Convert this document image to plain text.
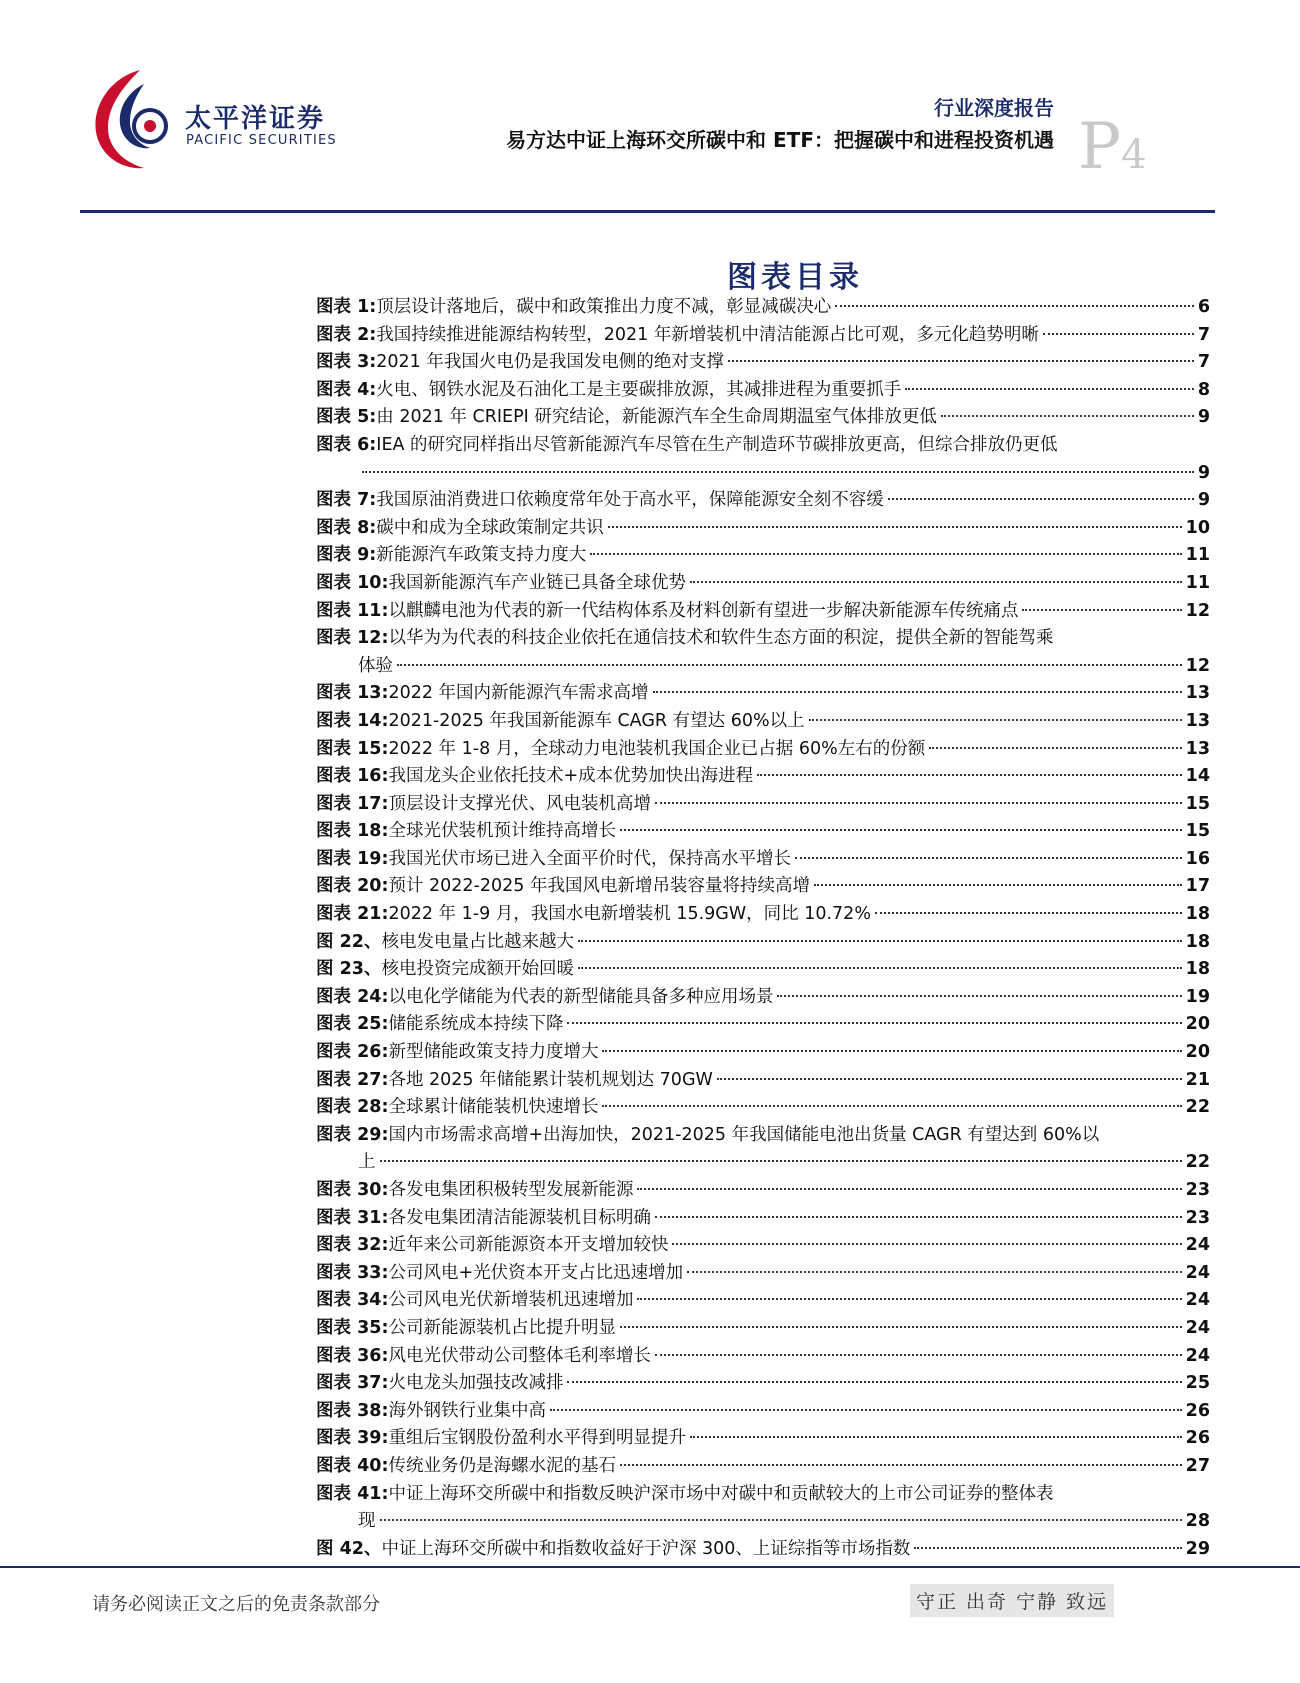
太平洋证券
PACIFIC SECURITIES
行业深度报告
易方达中证上海环交所碳中和 ETF：把握碳中和进程投资机遇 P4
图表目录
图表 1: 顶层设计落地后，碳中和政策推出力度不减，彰显减碳决心	6
图表 2: 我国持续推进能源结构转型，2021 年新增装机中清洁能源占比可观，多元化趋势明晰	7
图表 3: 2021 年我国火电仍是我国发电侧的绝对支撑	7
图表 4: 火电、钢铁水泥及石油化工是主要碳排放源，其减排进程为重要抓手	8
图表 5: 由 2021 年 CRIEPI 研究结论，新能源汽车全生命周期温室气体排放更低	9
图表 6: IEA 的研究同样指出尽管新能源汽车尽管在生产制造环节碳排放更高，但综合排放仍更低
9
图表 7: 我国原油消费进口依赖度常年处于高水平，保障能源安全刻不容缓	9
图表 8: 碳中和成为全球政策制定共识	10
图表 9: 新能源汽车政策支持力度大	11
图表 10: 我国新能源汽车产业链已具备全球优势	11
图表 11: 以麒麟电池为代表的新一代结构体系及材料创新有望进一步解决新能源车传统痛点	12
图表 12: 以华为为代表的科技企业依托在通信技术和软件生态方面的积淀，提供全新的智能驾乘
体验	12
图表 13: 2022 年国内新能源汽车需求高增	13
图表 14: 2021-2025 年我国新能源车 CAGR 有望达 60%以上	13
图表 15: 2022 年 1-8 月，全球动力电池装机我国企业已占据 60%左右的份额	13
图表 16: 我国龙头企业依托技术+成本优势加快出海进程	14
图表 17: 顶层设计支撑光伏、风电装机高增	15
图表 18: 全球光伏装机预计维持高增长	15
图表 19: 我国光伏市场已进入全面平价时代，保持高水平增长	16
图表 20: 预计 2022-2025 年我国风电新增吊装容量将持续高增	17
图表 21: 2022 年 1-9 月，我国水电新增装机 15.9GW，同比 10.72%	18
图 22、 核电发电量占比越来越大	18
图 23、 核电投资完成额开始回暖	18
图表 24: 以电化学储能为代表的新型储能具备多种应用场景	19
图表 25: 储能系统成本持续下降	20
图表 26: 新型储能政策支持力度增大	20
图表 27: 各地 2025 年储能累计装机规划达 70GW	21
图表 28: 全球累计储能装机快速增长	22
图表 29: 国内市场需求高增+出海加快，2021-2025 年我国储能电池出货量 CAGR 有望达到 60%以
上	22
图表 30: 各发电集团积极转型发展新能源	23
图表 31: 各发电集团清洁能源装机目标明确	23
图表 32: 近年来公司新能源资本开支增加较快	24
图表 33: 公司风电+光伏资本开支占比迅速增加	24
图表 34: 公司风电光伏新增装机迅速增加	24
图表 35: 公司新能源装机占比提升明显	24
图表 36: 风电光伏带动公司整体毛利率增长	24
图表 37: 火电龙头加强技改减排	25
图表 38: 海外钢铁行业集中高	26
图表 39: 重组后宝钢股份盈利水平得到明显提升	26
图表 40: 传统业务仍是海螺水泥的基石	27
图表 41: 中证上海环交所碳中和指数反映沪深市场中对碳中和贡献较大的上市公司证券的整体表
现	28
图 42、 中证上海环交所碳中和指数收益好于沪深 300、上证综指等市场指数	29
请务必阅读正文之后的免责条款部分	守正 出奇 宁静 致远
